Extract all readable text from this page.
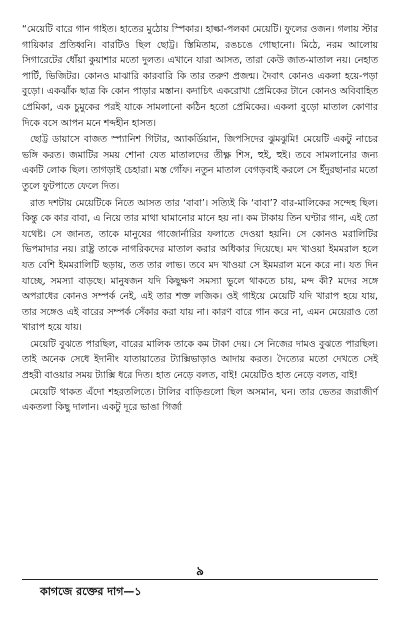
“মেয়েটি বারে গান গাইত। হাতের মুঠোয় স্পিকার। হাল্কা-পলকা মেয়েটি। ফুলের ওজন। গলায় স্টার গায়িকার প্রতিধ্বনি। বারটিও ছিল ছোট্ট। স্তিমিতাম, রঙচঙে গোছানো। মিঠে, নরম আলোয় সিগারেটের ধোঁয়া কুয়াশার মতো দুলত। এখানে যারা আসত, তারা কেউ জাত-মাতাল নয়। নেহাত পার্টি, ভিজিটর। কোনও মাঝারি কারবারি কি তার তরুণ প্রজন্ম। দৈবাৎ কোনও একলা হয়ে-পড়া বুড়ো। একঝাঁক ছাত্র কি কোন পাড়ার মস্তান। কদাচিৎ একরোখা প্রেমিকের টানে কোনও অবিবাহিত প্রেমিকা, এক চুমুকের পরই যাকে সামলানো কঠিন হতো প্রেমিকের। একলা বুড়ো মাতাল কোণার দিকে বসে আপন মনে শব্দহীন হাসত।

ছোট্ট ডায়াসে বাজত স্প্যানিশ গিটার, অ্যাকর্ডিয়ান, জিপসিদের ঝুমঝুমি! মেয়েটি একটু নাচের ভঙ্গি করত। জমাটির সময় শোনা যেত মাতালদের তীক্ষ্ণ শিস, হুই, হুই। তবে সামলানোর জন্য একটি লোক ছিল। তাগড়াই চেহারা। মস্ত গোঁফ। নতুন মাতাল বেগড়বাই করলে সে ইঁদুরছানার মতো তুলে ফুটপাতে ফেলে দিত।

রাত দশটায় মেয়েটিকে নিতে আসত তার ‘বাবা’। সত্যিই কি ‘বাবা’? বার-মালিকের সন্দেহ ছিল। কিন্তু কে কার বাবা, এ নিয়ে তার মাথা ঘামানোর মানে হয় না। কম টাকায় তিন ঘণ্টার গান, এই তো যথেষ্ট। সে জানত, তাকে মানুষের গাজোর্নারির ফলাতে দেওয়া হয়নি। সে কোনও মরালিটির ভিপমাদার নয়। রাষ্ট্র তাকে নাগরিকদের মাতাল করার অধিকার দিয়েছে। মদ খাওয়া ইমমরাল হলে যত বেশি ইমমরালিটি ছড়ায়, তত তার লাভ। তবে মদ খাওয়া সে ইমমরাল মনে করে না। যত দিন যাচ্ছে, সমস্যা বাড়ছে। মানুষজন যদি কিছুক্ষণ সমস্যা ভুলে থাকতে চায়, মন্দ কী? মদের সঙ্গে অপরাধের কোনও সম্পর্ক নেই, এই তার শক্ত লজিক। ওই গাইয়ে মেয়েটি যদি খারাপ হয়ে যায়, তার সঙ্গেও এই বারের সম্পর্ক সেঁকার করা যায় না। কারণ বারে গান করে না, এমন মেয়েরাও তো খারাপ হয়ে যায়।

মেয়েটি বুঝতে পারছিল, বারের মালিক তাকে কম টাকা দেয়। সে নিজের দামও বুঝতে পারছিল। তাই অনেক সেধে ইদানীং যাতায়াতের ট্যাক্সিভাড়াও আদায় করত। দৈত্যের মতো দেখতে সেই প্রহরী বাওয়ার সময় ট্যাক্সি ধরে দিত। হাত নেড়ে বলত, বাই! মেয়েটিও হাত নেড়ে বলত, বাই!

মেয়েটি থাকত এঁদো শহরতলিতে। টালির বাড়িগুলো ছিল অসমান, ঘন। তার ভেতর জরাজীর্ণ একতলা কিছু দালান। একটু দূরে ভাঙা গির্জা

৯
কাগজে রক্তের দাগ—১
